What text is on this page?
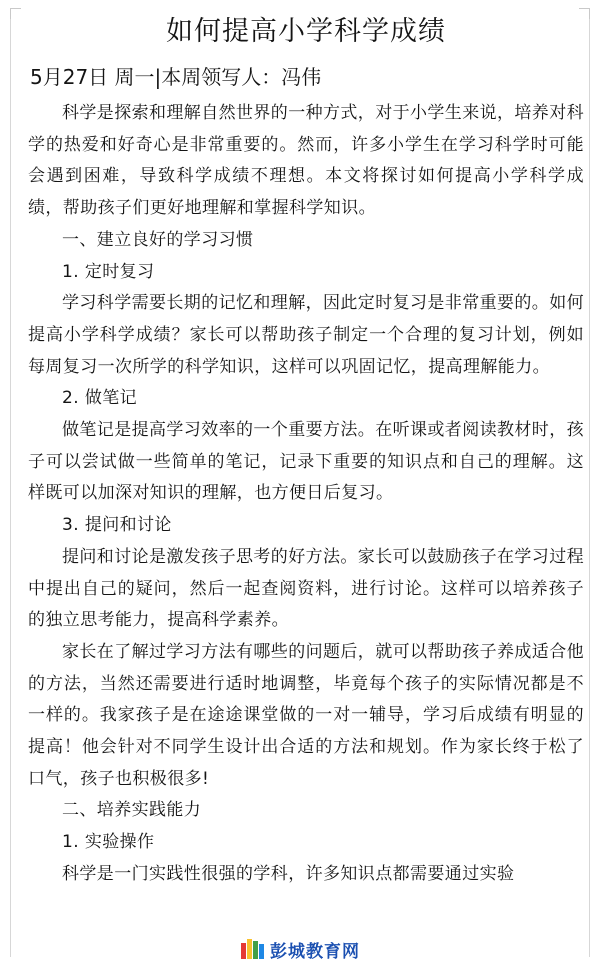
如何提高小学科学成绩
5月27日 周一|本周领写人：冯伟

科学是探索和理解自然世界的一种方式，对于小学生来说，培养对科学的热爱和好奇心是非常重要的。然而，许多小学生在学习科学时可能会遇到困难，导致科学成绩不理想。本文将探讨如何提高小学科学成绩，帮助孩子们更好地理解和掌握科学知识。

一、建立良好的学习习惯
1. 定时复习

学习科学需要长期的记忆和理解，因此定时复习是非常重要的。如何提高小学科学成绩？家长可以帮助孩子制定一个合理的复习计划，例如每周复习一次所学的科学知识，这样可以巩固记忆，提高理解能力。

2. 做笔记

做笔记是提高学习效率的一个重要方法。在听课或者阅读教材时，孩子可以尝试做一些简单的笔记，记录下重要的知识点和自己的理解。这样既可以加深对知识的理解，也方便日后复习。

3. 提问和讨论

提问和讨论是激发孩子思考的好方法。家长可以鼓励孩子在学习过程中提出自己的疑问，然后一起查阅资料，进行讨论。这样可以培养孩子的独立思考能力，提高科学素养。

家长在了解过学习方法有哪些的问题后，就可以帮助孩子养成适合他的方法，当然还需要进行适时地调整，毕竟每个孩子的实际情况都是不一样的。我家孩子是在途途课堂做的一对一辅导，学习后成绩有明显的提高！他会针对不同学生设计出合适的方法和规划。作为家长终于松了口气，孩子也积极很多!

二、培养实践能力
1. 实验操作

科学是一门实践性很强的学科，许多知识点都需要通过实验

彭城教育网
